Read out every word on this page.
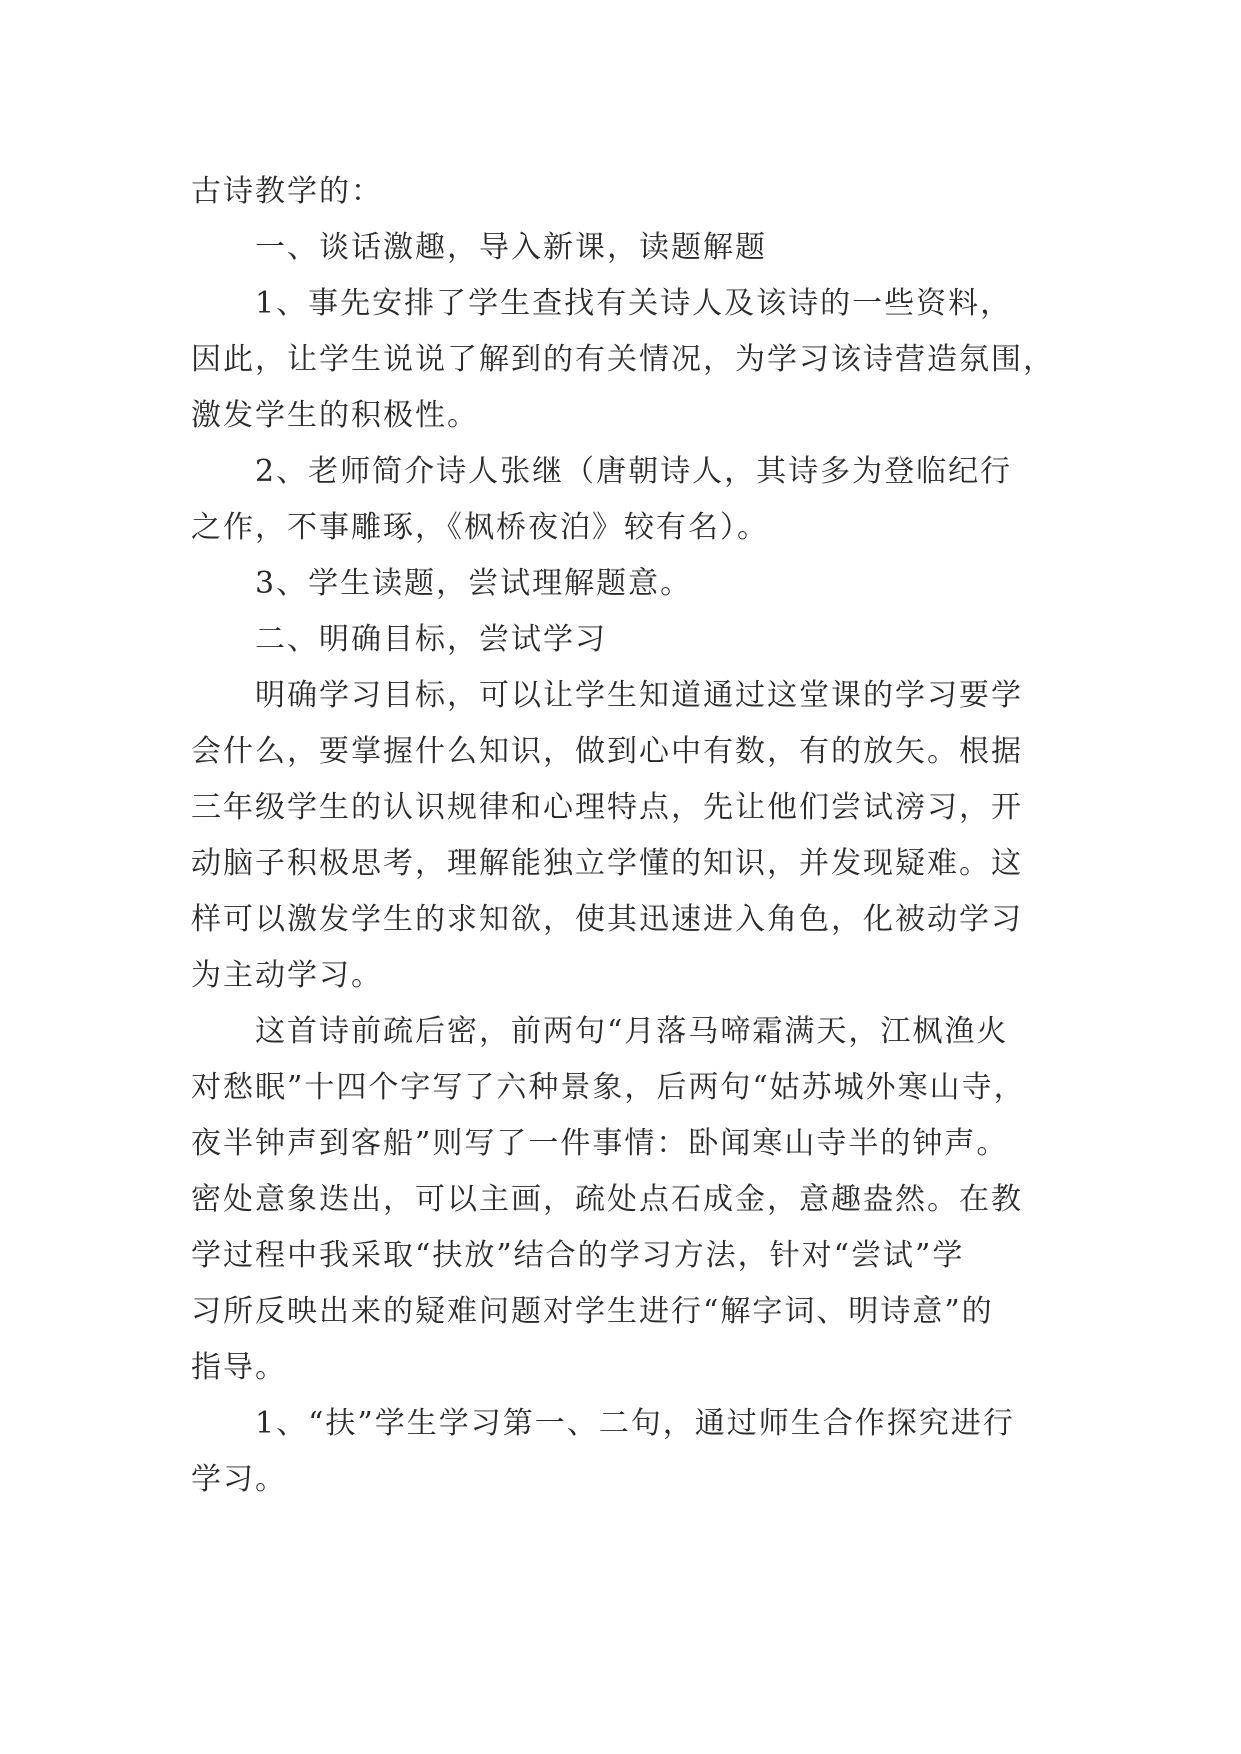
古诗教学的：
一、谈话激趣，导入新课，读题解题
1、事先安排了学生查找有关诗人及该诗的一些资料，
因此，让学生说说了解到的有关情况，为学习该诗营造氛围，
激发学生的积极性。
2、老师简介诗人张继（唐朝诗人，其诗多为登临纪行
之作，不事雕琢，《枫桥夜泊》较有名）。
3、学生读题，尝试理解题意。
二、明确目标，尝试学习
明确学习目标，可以让学生知道通过这堂课的学习要学
会什么，要掌握什么知识，做到心中有数，有的放矢。根据
三年级学生的认识规律和心理特点，先让他们尝试滂习，开
动脑子积极思考，理解能独立学懂的知识，并发现疑难。这
样可以激发学生的求知欲，使其迅速进入角色，化被动学习
为主动学习。
这首诗前疏后密，前两句“月落马啼霜满天，江枫渔火
对愁眠”十四个字写了六种景象，后两句“姑苏城外寒山寺，
夜半钟声到客船”则写了一件事情：卧闻寒山寺半的钟声。
密处意象迭出，可以主画，疏处点石成金，意趣盎然。在教
学过程中我采取“扶放”结合的学习方法，针对“尝试”学
习所反映出来的疑难问题对学生进行“解字词、明诗意”的
指导。
1、“扶”学生学习第一、二句，通过师生合作探究进行
学习。
